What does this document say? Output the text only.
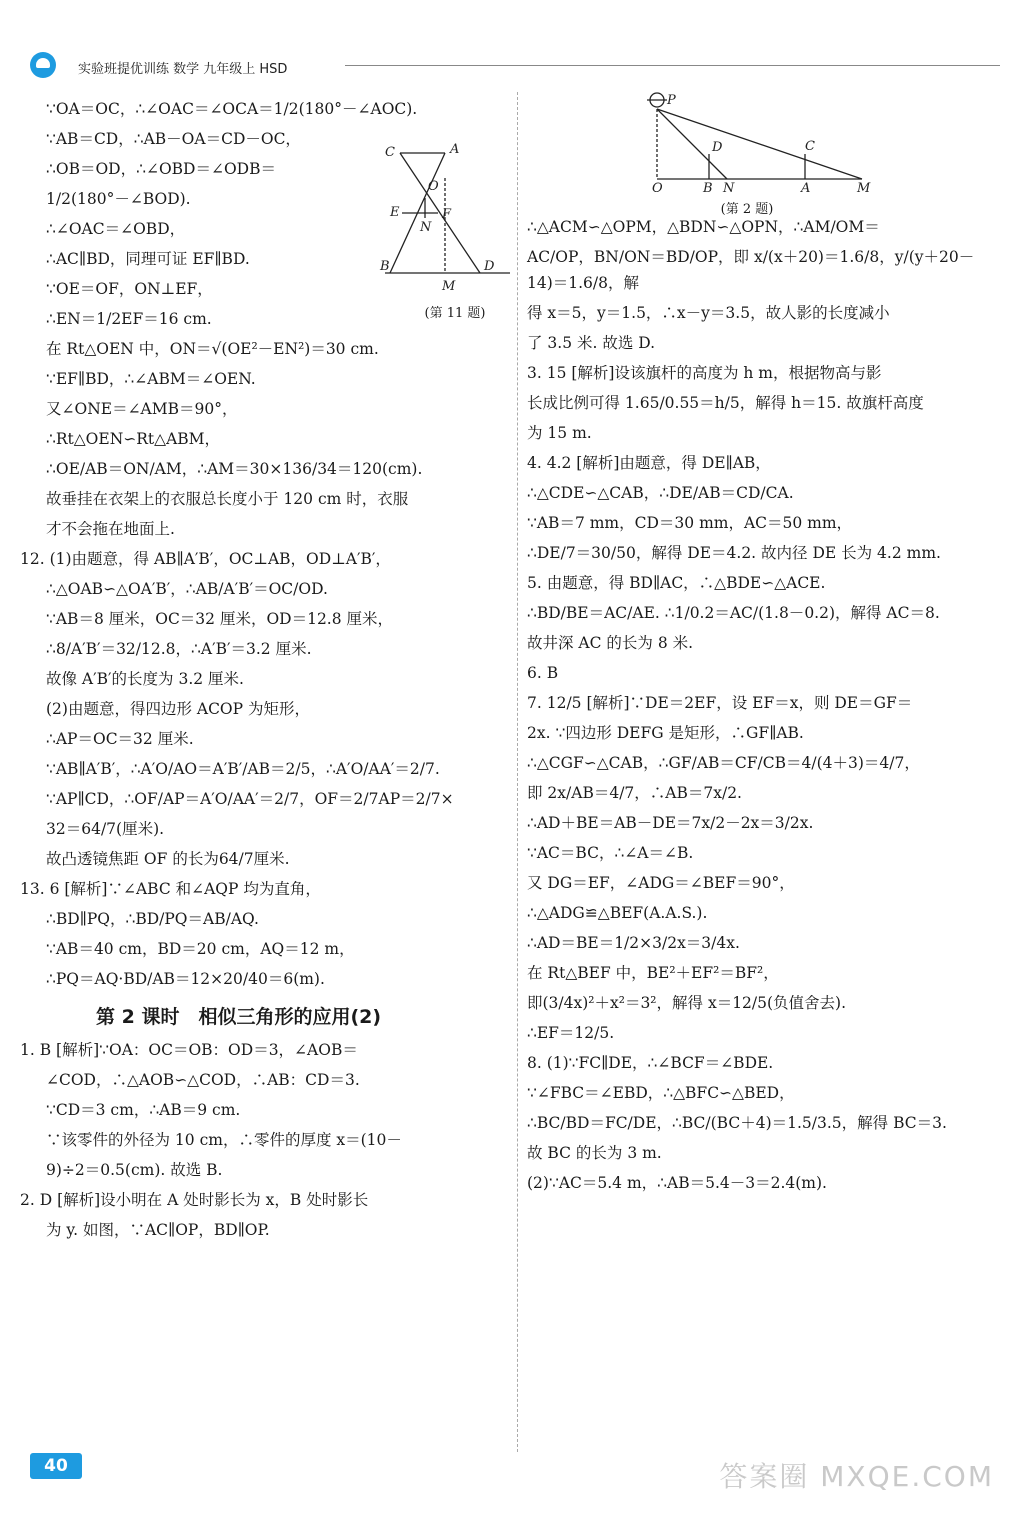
实验班提优训练 数学 九年级上 HSD
∵OA＝OC，∴∠OAC＝∠OCA＝1/2(180°－∠AOC).
∵AB＝CD，∴AB－OA＝CD－OC，
∴OB＝OD，∴∠OBD＝∠ODB＝
1/2(180°－∠BOD).
∴∠OAC＝∠OBD，
∴AC∥BD，同理可证 EF∥BD.
∵OE＝OF，ON⊥EF，
∴EN＝1/2EF＝16 cm.
在 Rt△OEN 中，ON＝√(OE²－EN²)＝30 cm.
∵EF∥BD，∴∠ABM＝∠OEN.
又∠ONE＝∠AMB＝90°，
∴Rt△OEN∽Rt△ABM，
∴OE/AB＝ON/AM，∴AM＝30×136/34＝120(cm).
故垂挂在衣架上的衣服总长度小于 120 cm 时，衣服
才不会拖在地面上.
12. (1)由题意，得 AB∥A′B′，OC⊥AB，OD⊥A′B′，
∴△OAB∽△OA′B′，∴AB/A′B′＝OC/OD.
∵AB＝8 厘米，OC＝32 厘米，OD＝12.8 厘米，
∴8/A′B′＝32/12.8，∴A′B′＝3.2 厘米.
故像 A′B′的长度为 3.2 厘米.
(2)由题意，得四边形 ACOP 为矩形，
∴AP＝OC＝32 厘米.
∵AB∥A′B′，∴A′O/AO＝A′B′/AB＝2/5，∴A′O/AA′＝2/7.
∵AP∥CD，∴OF/AP＝A′O/AA′＝2/7，OF＝2/7AP＝2/7×
32＝64/7(厘米).
故凸透镜焦距 OF 的长为64/7厘米.
13. 6 [解析]∵∠ABC 和∠AQP 均为直角，
∴BD∥PQ，∴BD/PQ＝AB/AQ.
∵AB＝40 cm，BD＝20 cm，AQ＝12 m，
∴PQ＝AQ·BD/AB＝12×20/40＝6(m).
第 2 课时　相似三角形的应用(2)
1. B [解析]∵OA：OC＝OB：OD＝3，∠AOB＝
∠COD，∴△AOB∽△COD，∴AB：CD＝3.
∵CD＝3 cm，∴AB＝9 cm.
∵该零件的外径为 10 cm，∴零件的厚度 x＝(10－
9)÷2＝0.5(cm). 故选 B.
2. D [解析]设小明在 A 处时影长为 x，B 处时影长
为 y. 如图，∵AC∥OP，BD∥OP.
C	A
O
E	F
N
B	D
M
(第 11 题)
P
D	C
O	B N	A	M
(第 2 题)
∴△ACM∽△OPM，△BDN∽△OPN，∴AM/OM＝
AC/OP，BN/ON＝BD/OP，即 x/(x＋20)＝1.6/8，y/(y＋20－14)＝1.6/8，解
得 x＝5，y＝1.5，∴x－y＝3.5，故人影的长度减小
了 3.5 米. 故选 D.
3. 15 [解析]设该旗杆的高度为 h m，根据物高与影
长成比例可得 1.65/0.55＝h/5，解得 h＝15. 故旗杆高度
为 15 m.
4. 4.2 [解析]由题意，得 DE∥AB，
∴△CDE∽△CAB，∴DE/AB＝CD/CA.
∵AB＝7 mm，CD＝30 mm，AC＝50 mm，
∴DE/7＝30/50，解得 DE＝4.2. 故内径 DE 长为 4.2 mm.
5. 由题意，得 BD∥AC，∴△BDE∽△ACE.
∴BD/BE＝AC/AE. ∴1/0.2＝AC/(1.8－0.2)，解得 AC＝8.
故井深 AC 的长为 8 米.
6. B
7. 12/5 [解析]∵DE＝2EF，设 EF＝x，则 DE＝GF＝
2x. ∵四边形 DEFG 是矩形，∴GF∥AB.
∴△CGF∽△CAB，∴GF/AB＝CF/CB＝4/(4＋3)＝4/7，
即 2x/AB＝4/7，∴AB＝7x/2.
∴AD＋BE＝AB－DE＝7x/2－2x＝3/2x.
∵AC＝BC，∴∠A＝∠B.
又 DG＝EF，∠ADG＝∠BEF＝90°，
∴△ADG≌△BEF(A.A.S.).
∴AD＝BE＝1/2×3/2x＝3/4x.
在 Rt△BEF 中，BE²＋EF²＝BF²，
即(3/4x)²＋x²＝3²，解得 x＝12/5(负值舍去).
∴EF＝12/5.
8. (1)∵FC∥DE，∴∠BCF＝∠BDE.
∵∠FBC＝∠EBD，∴△BFC∽△BED，
∴BC/BD＝FC/DE，∴BC/(BC＋4)＝1.5/3.5，解得 BC＝3.
故 BC 的长为 3 m.
(2)∵AC＝5.4 m，∴AB＝5.4－3＝2.4(m).
40	答案圈 MXQE.COM
